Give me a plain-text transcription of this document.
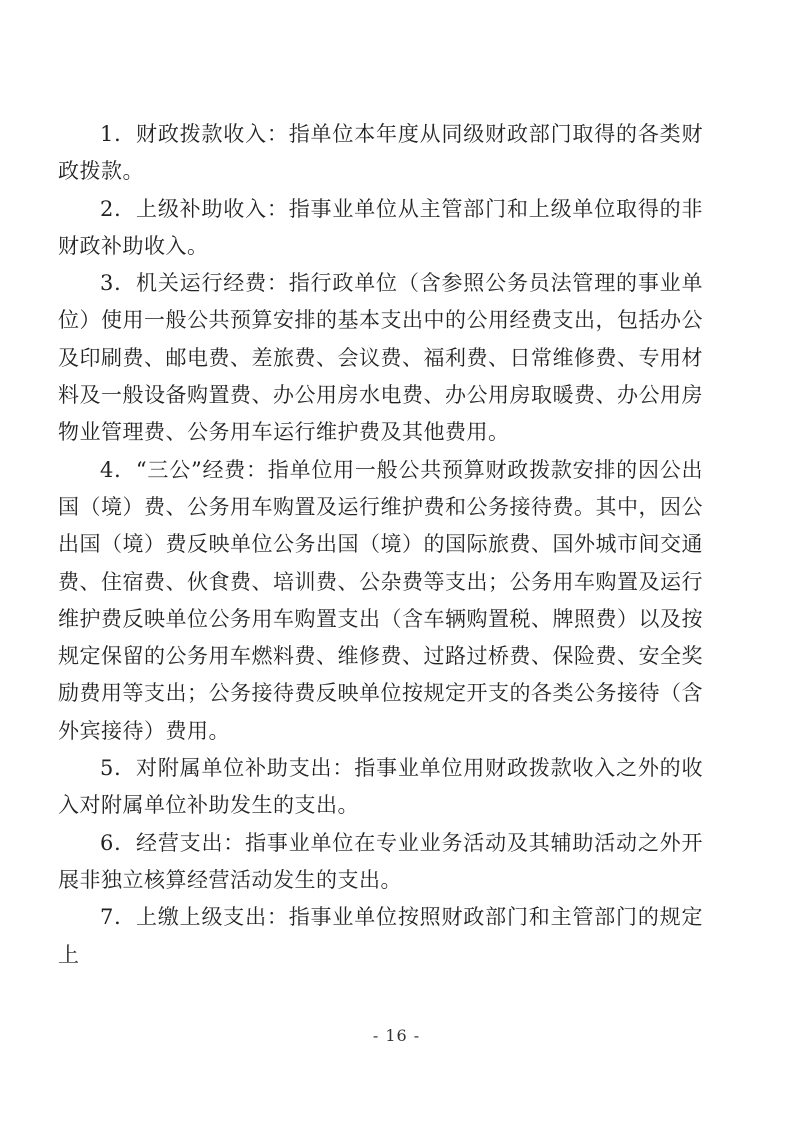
1．财政拨款收入：指单位本年度从同级财政部门取得的各类财政拨款。

2．上级补助收入：指事业单位从主管部门和上级单位取得的非财政补助收入。

3．机关运行经费：指行政单位（含参照公务员法管理的事业单位）使用一般公共预算安排的基本支出中的公用经费支出，包括办公及印刷费、邮电费、差旅费、会议费、福利费、日常维修费、专用材料及一般设备购置费、办公用房水电费、办公用房取暖费、办公用房物业管理费、公务用车运行维护费及其他费用。

4．“三公”经费：指单位用一般公共预算财政拨款安排的因公出国（境）费、公务用车购置及运行维护费和公务接待费。其中，因公出国（境）费反映单位公务出国（境）的国际旅费、国外城市间交通费、住宿费、伙食费、培训费、公杂费等支出；公务用车购置及运行维护费反映单位公务用车购置支出（含车辆购置税、牌照费）以及按规定保留的公务用车燃料费、维修费、过路过桥费、保险费、安全奖励费用等支出；公务接待费反映单位按规定开支的各类公务接待（含外宾接待）费用。

5．对附属单位补助支出：指事业单位用财政拨款收入之外的收入对附属单位补助发生的支出。

6．经营支出：指事业单位在专业业务活动及其辅助活动之外开展非独立核算经营活动发生的支出。

7．上缴上级支出：指事业单位按照财政部门和主管部门的规定上

- 16 -
